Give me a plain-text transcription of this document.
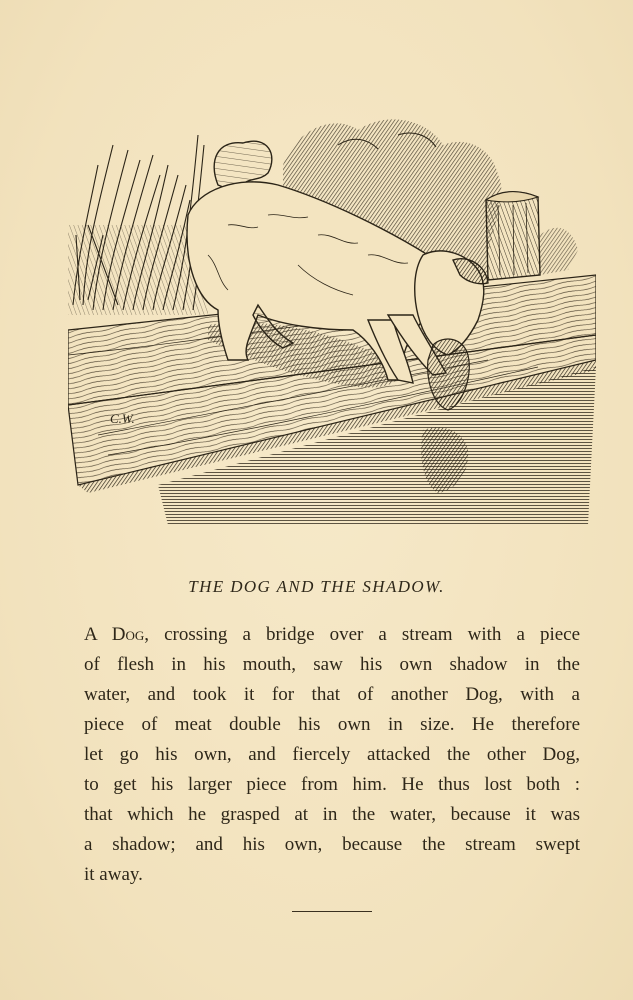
C.W.
THE DOG AND THE SHADOW.
A Dog, crossing a bridge over a stream with a piece
of flesh in his mouth, saw his own shadow in the
water, and took it for that of another Dog, with a
piece of meat double his own in size. He therefore
let go his own, and fiercely attacked the other Dog,
to get his larger piece from him. He thus lost both :
that which he grasped at in the water, because it was
a shadow; and his own, because the stream swept
it away.
